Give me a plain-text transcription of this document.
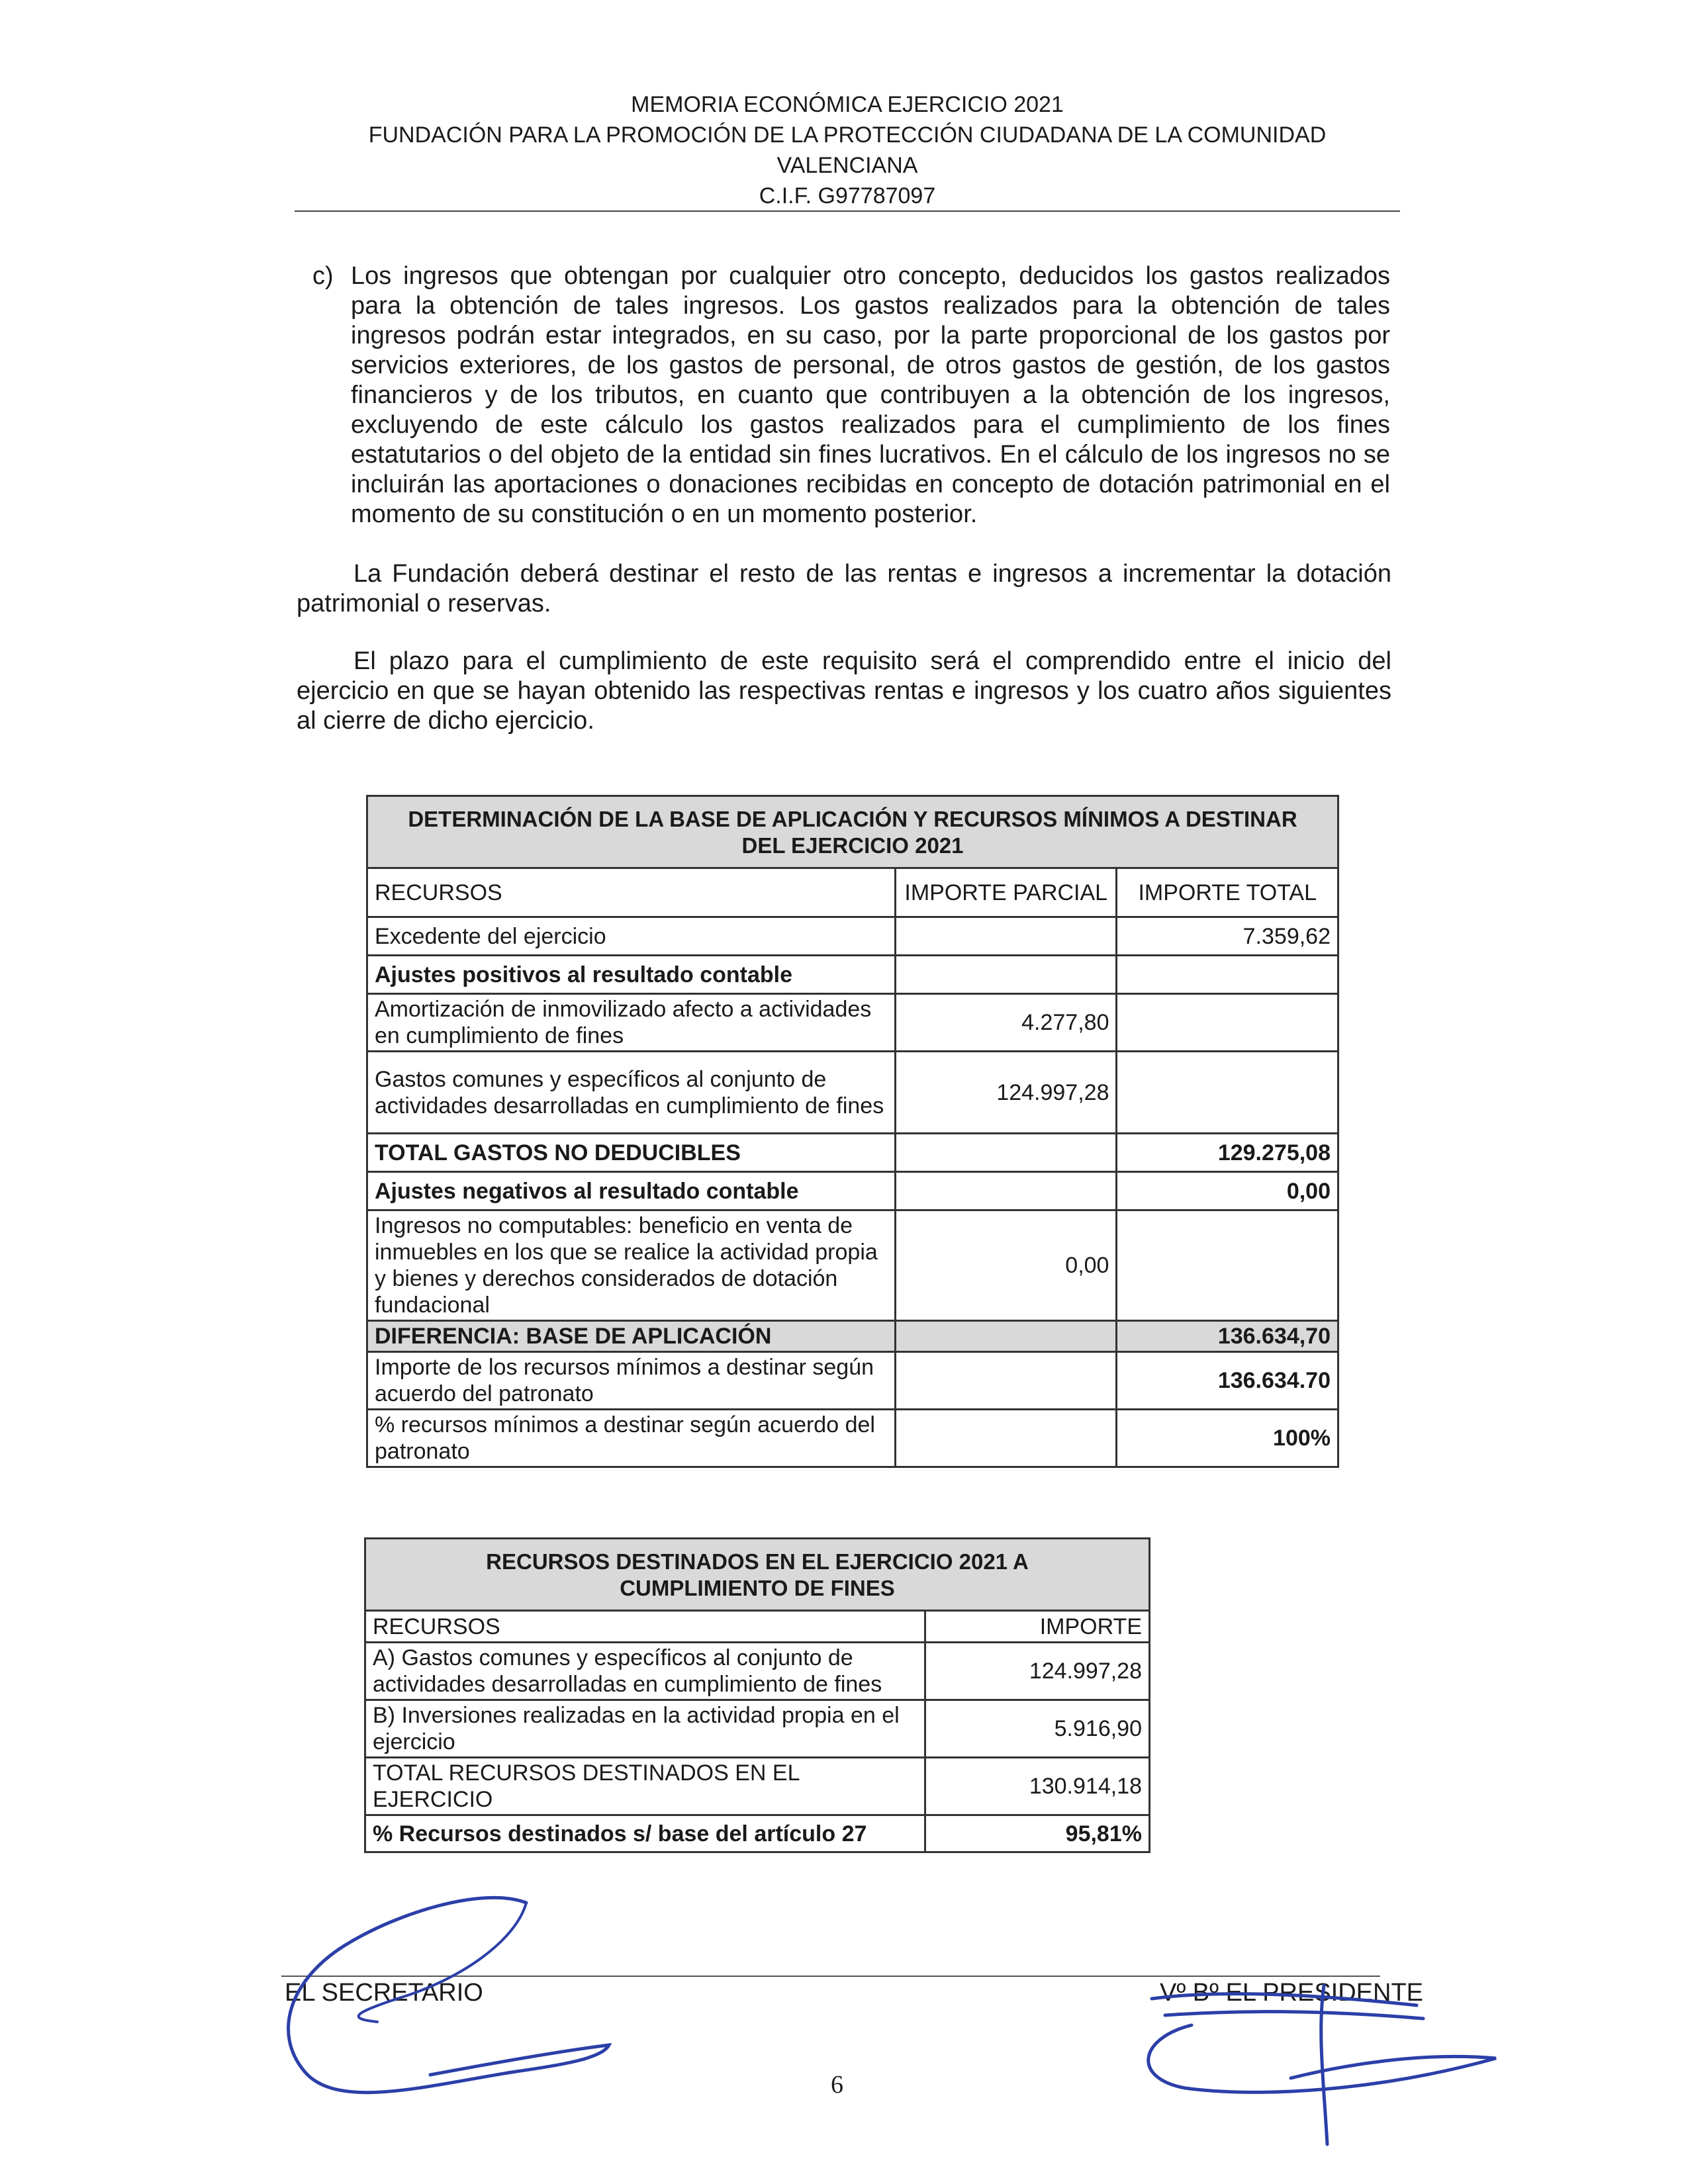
MEMORIA ECONÓMICA EJERCICIO 2021
FUNDACIÓN PARA LA PROMOCIÓN DE LA PROTECCIÓN CIUDADANA DE LA COMUNIDAD
VALENCIANA
C.I.F. G97787097
c) Los ingresos que obtengan por cualquier otro concepto, deducidos los gastos realizados para la obtención de tales ingresos. Los gastos realizados para la obtención de tales ingresos podrán estar integrados, en su caso, por la parte proporcional de los gastos por servicios exteriores, de los gastos de personal, de otros gastos de gestión, de los gastos financieros y de los tributos, en cuanto que contribuyen a la obtención de los ingresos, excluyendo de este cálculo los gastos realizados para el cumplimiento de los fines estatutarios o del objeto de la entidad sin fines lucrativos. En el cálculo de los ingresos no se incluirán las aportaciones o donaciones recibidas en concepto de dotación patrimonial en el momento de su constitución o en un momento posterior.
La Fundación deberá destinar el resto de las rentas e ingresos a incrementar la dotación patrimonial o reservas.
El plazo para el cumplimiento de este requisito será el comprendido entre el inicio del ejercicio en que se hayan obtenido las respectivas rentas e ingresos y los cuatro años siguientes al cierre de dicho ejercicio.
DETERMINACIÓN DE LA BASE DE APLICACIÓN Y RECURSOS MÍNIMOS A DESTINAR
DEL EJERCICIO 2021		

RECURSOS	IMPORTE PARCIAL	IMPORTE TOTAL
Excedente del ejercicio		7.359,62
Ajustes positivos al resultado contable		
Amortización de inmovilizado afecto a actividades en cumplimiento de fines	4.277,80	
Gastos comunes y específicos al conjunto de actividades desarrolladas en cumplimiento de fines	124.997,28	
TOTAL GASTOS NO DEDUCIBLES		129.275,08
Ajustes negativos al resultado contable		0,00
Ingresos no computables: beneficio en venta de inmuebles en los que se realice la actividad propia y bienes y derechos considerados de dotación fundacional	0,00	
DIFERENCIA: BASE DE APLICACIÓN		136.634,70
Importe de los recursos mínimos a destinar según acuerdo del patronato		136.634.70
% recursos mínimos a destinar según acuerdo del patronato		100%
RECURSOS DESTINADOS EN EL EJERCICIO 2021 A
CUMPLIMIENTO DE FINES	

RECURSOS	IMPORTE
A) Gastos comunes y específicos al conjunto de actividades desarrolladas en cumplimiento de fines	124.997,28
B) Inversiones realizadas en la actividad propia en el ejercicio	5.916,90
TOTAL RECURSOS DESTINADOS EN EL EJERCICIO	130.914,18
% Recursos destinados s/ base del artículo 27	95,81%
EL SECRETARIO	Vº Bº EL PRESIDENTE
6
